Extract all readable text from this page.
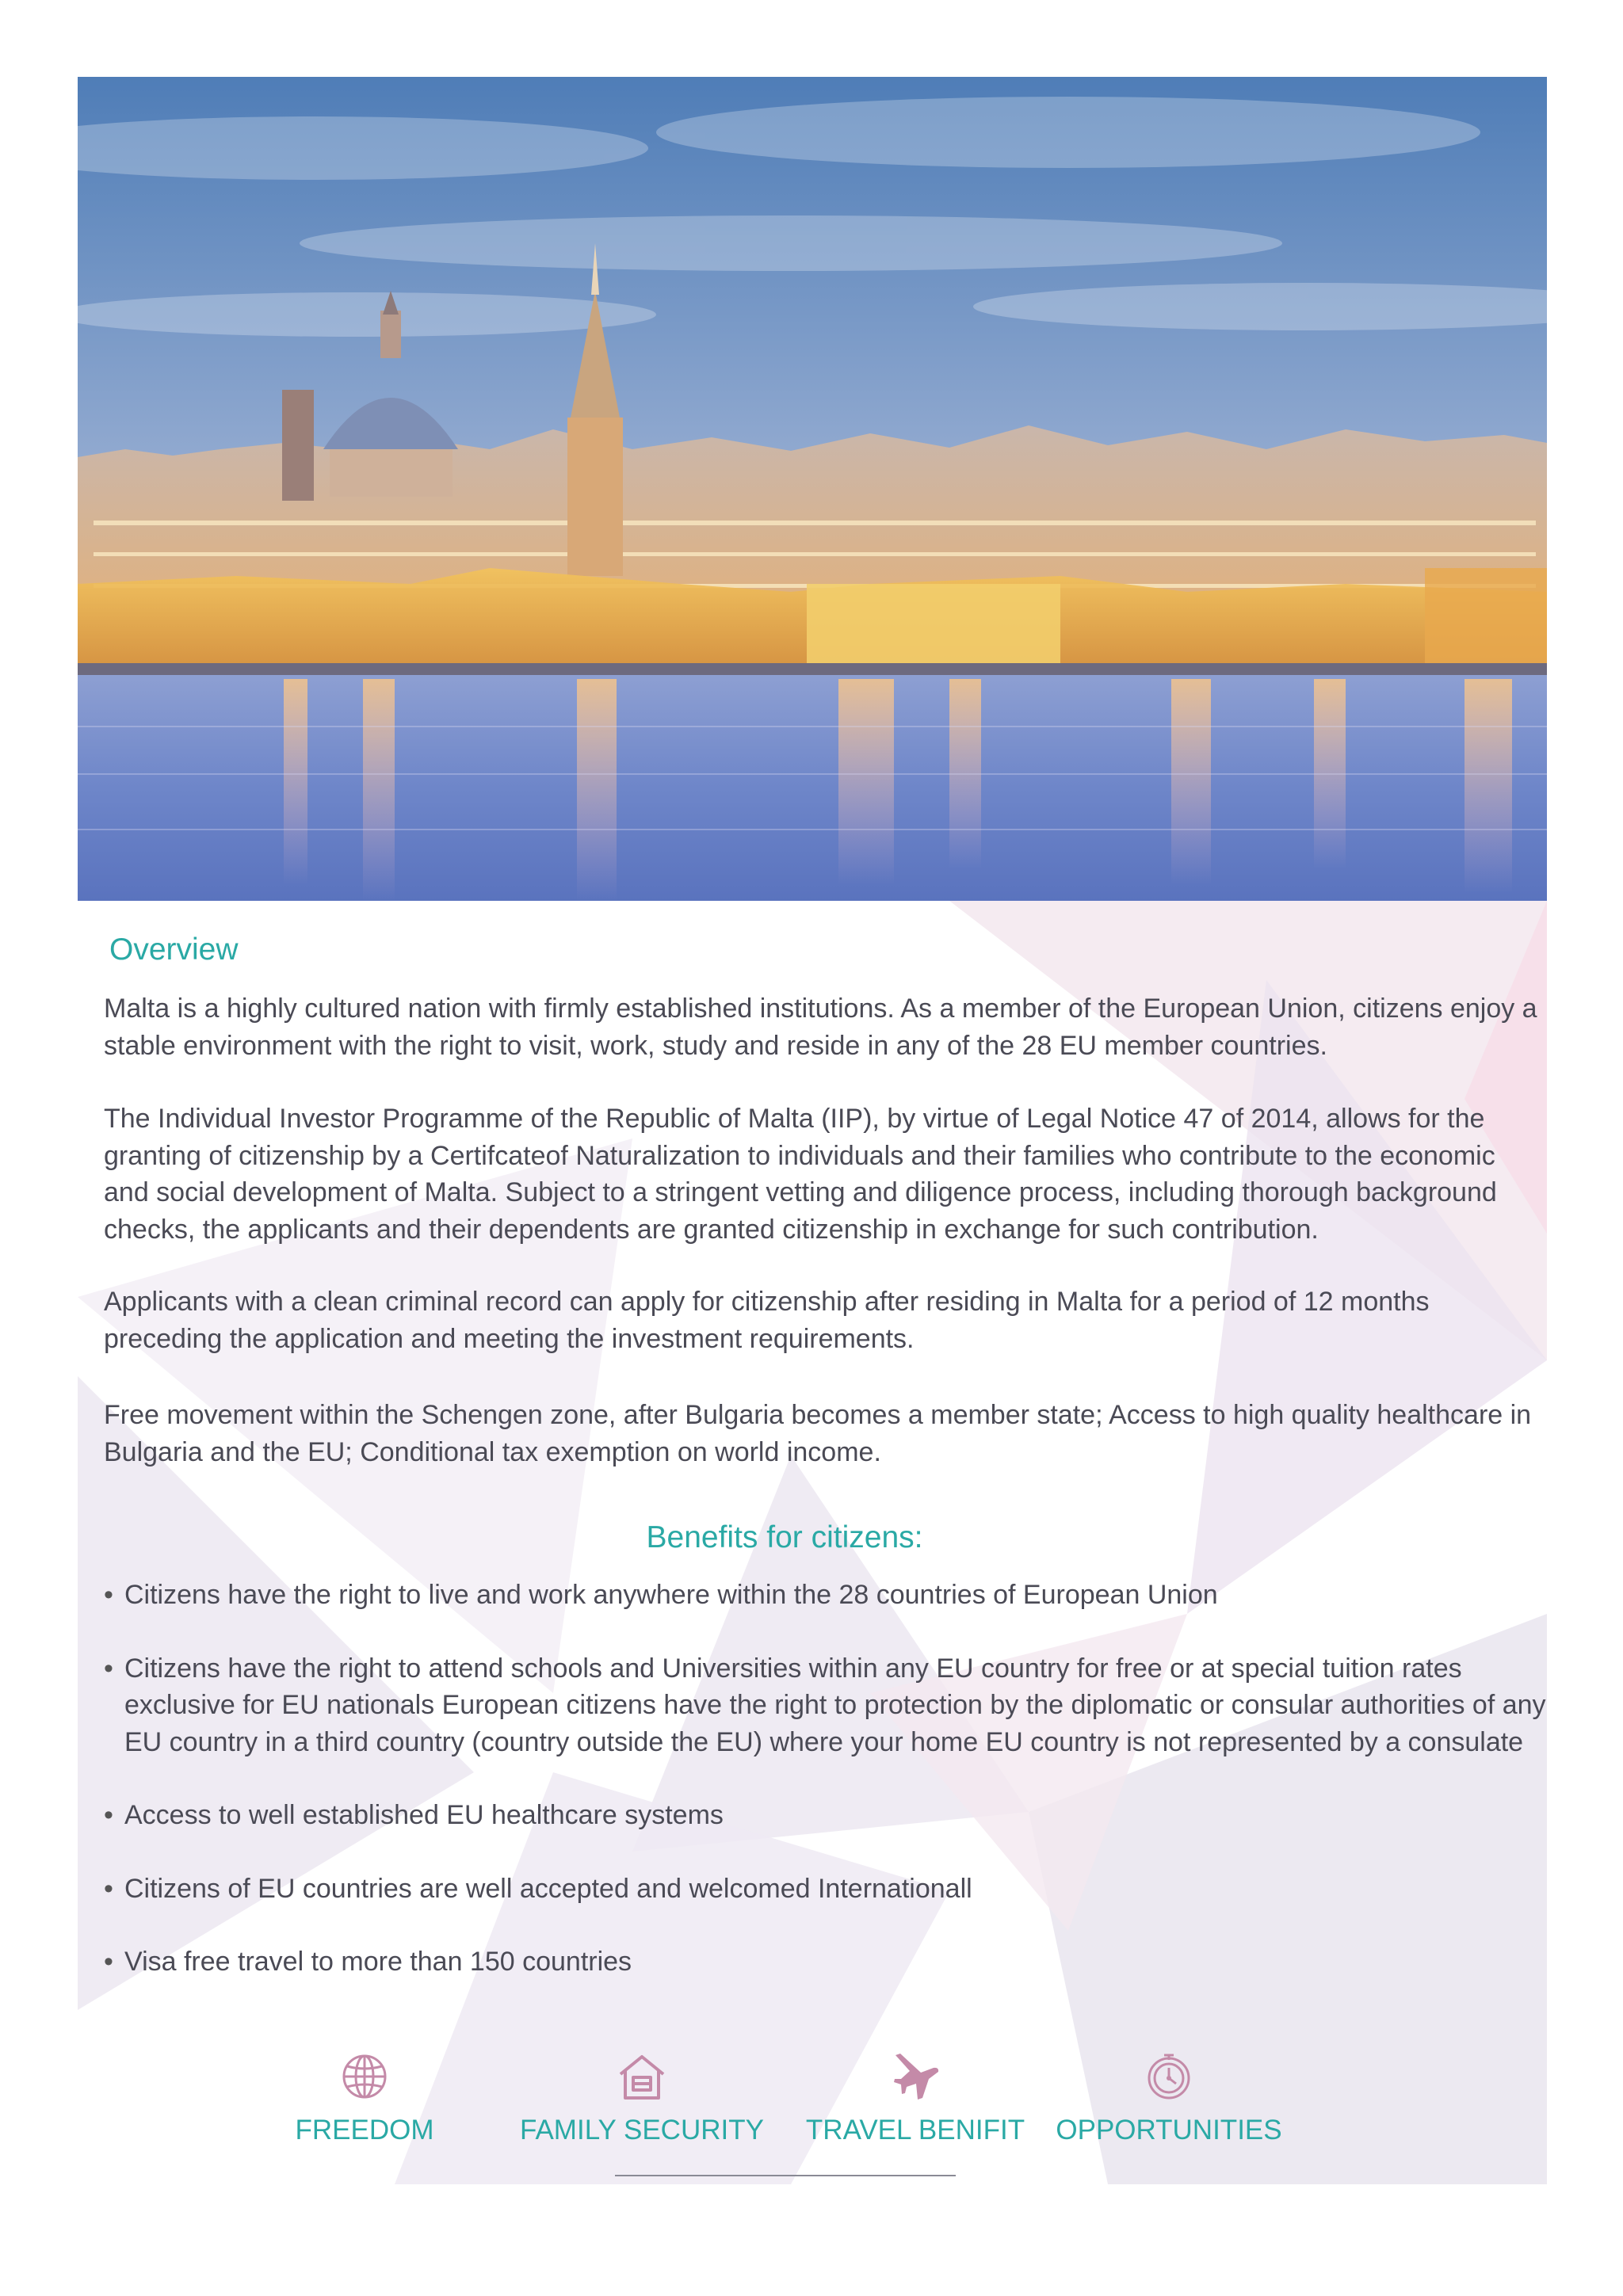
Overview

Malta is a highly cultured nation with firmly established institutions. As a member of the European Union, citizens enjoy a stable environment with the right to visit, work, study and reside in any of the 28 EU member countries.

The Individual Investor Programme of the Republic of Malta (IIP), by virtue of Legal Notice 47 of 2014, allows for the granting of citizenship by a Certifcateof Naturalization to individuals and their families who contribute to the economic and social development of Malta. Subject to a stringent vetting and diligence process, including thorough background checks, the applicants and their dependents are granted citizenship in exchange for such contribution.

Applicants with a clean criminal record can apply for citizenship after residing in Malta for a period of 12 months preceding the application and meeting the investment requirements.

Free movement within the Schengen zone, after Bulgaria becomes a member state; Access to high quality healthcare in Bulgaria and the EU; Conditional tax exemption on world income.

Benefits for citizens:
• Citizens have the right to live and work anywhere within the 28 countries of European Union
• Citizens have the right to attend schools and Universities within any EU country for free or at special tuition rates exclusive for EU nationals European citizens have the right to protection by the diplomatic or consular authorities of any EU country in a third country (country outside the EU) where your home EU country is not represented by a consulate
• Access to well established EU healthcare systems
• Citizens of EU countries are well accepted and welcomed Internationall
• Visa free travel to more than 150 countries
FREEDOM	FAMILY SECURITY	TRAVEL BENIFIT	OPPORTUNITIES
